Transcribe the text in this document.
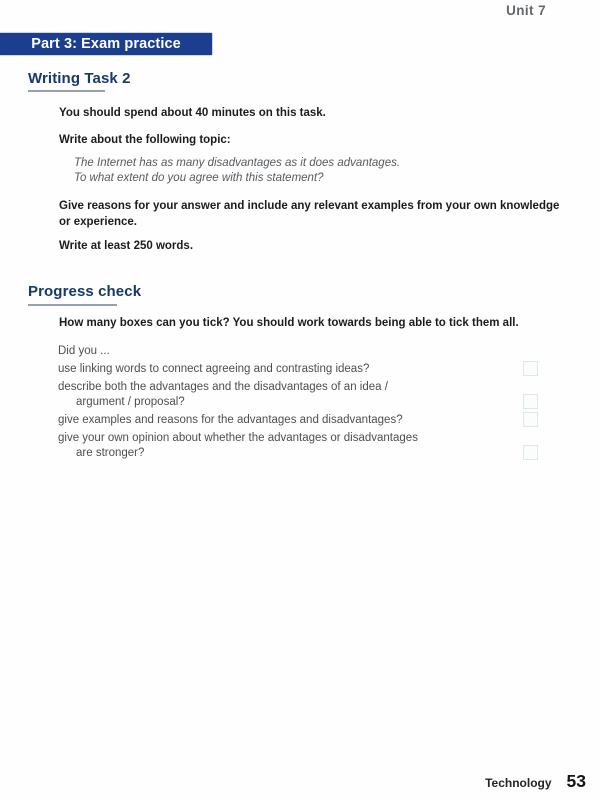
Unit 7
Part 3: Exam practice
Writing Task 2
You should spend about 40 minutes on this task.
Write about the following topic:
The Internet has as many disadvantages as it does advantages.
To what extent do you agree with this statement?
Give reasons for your answer and include any relevant examples from your own knowledge
or experience.
Write at least 250 words.
Progress check
How many boxes can you tick? You should work towards being able to tick them all.
Did you ...
use linking words to connect agreeing and contrasting ideas?
describe both the advantages and the disadvantages of an idea /
argument / proposal?
give examples and reasons for the advantages and disadvantages?
give your own opinion about whether the advantages or disadvantages
are stronger?
Technology 53
